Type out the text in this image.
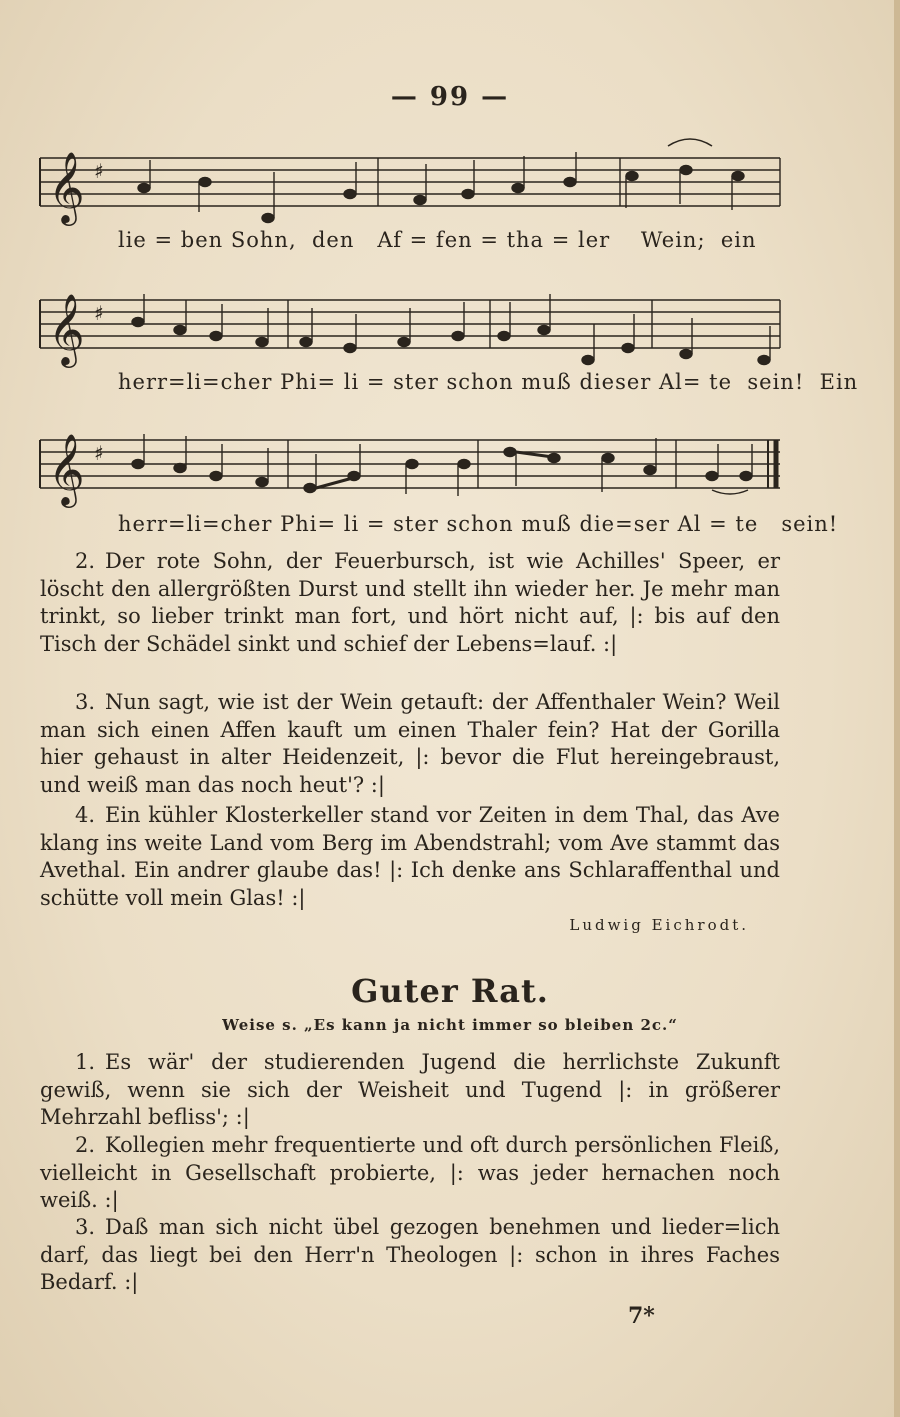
— 99 —
𝄞 ♯
lie = ben Sohn,  den   Af = fen = tha = ler    Wein;  ein
𝄞 ♯
herr=li=cher Phi= li = ster schon muß dieser Al= te  sein!  Ein
𝄞 ♯
herr=li=cher Phi= li = ster schon muß die=ser Al = te   sein!
2. Der rote Sohn, der Feuerbursch, ist wie Achilles' Speer, er löscht den allergrößten Durst und stellt ihn wieder her. Je mehr man trinkt, so lieber trinkt man fort, und hört nicht auf, |: bis auf den Tisch der Schädel sinkt und schief der Lebens=lauf. :|
3. Nun sagt, wie ist der Wein getauft: der Affenthaler Wein? Weil man sich einen Affen kauft um einen Thaler fein? Hat der Gorilla hier gehaust in alter Heidenzeit, |: bevor die Flut hereingebraust, und weiß man das noch heut'? :|
4. Ein kühler Klosterkeller stand vor Zeiten in dem Thal, das Ave klang ins weite Land vom Berg im Abendstrahl; vom Ave stammt das Avethal. Ein andrer glaube das! |: Ich denke ans Schlaraffenthal und schütte voll mein Glas! :|
Ludwig Eichrodt.
Guter Rat.
Weise s. „Es kann ja nicht immer so bleiben 2c.“
1. Es wär' der studierenden Jugend die herrlichste Zukunft gewiß, wenn sie sich der Weisheit und Tugend |: in größerer Mehrzahl befliss'; :|
2. Kollegien mehr frequentierte und oft durch persönlichen Fleiß, vielleicht in Gesellschaft probierte, |: was jeder hernachen noch weiß. :|
3. Daß man sich nicht übel gezogen benehmen und lieder=lich darf, das liegt bei den Herr'n Theologen |: schon in ihres Faches Bedarf. :|
7*
